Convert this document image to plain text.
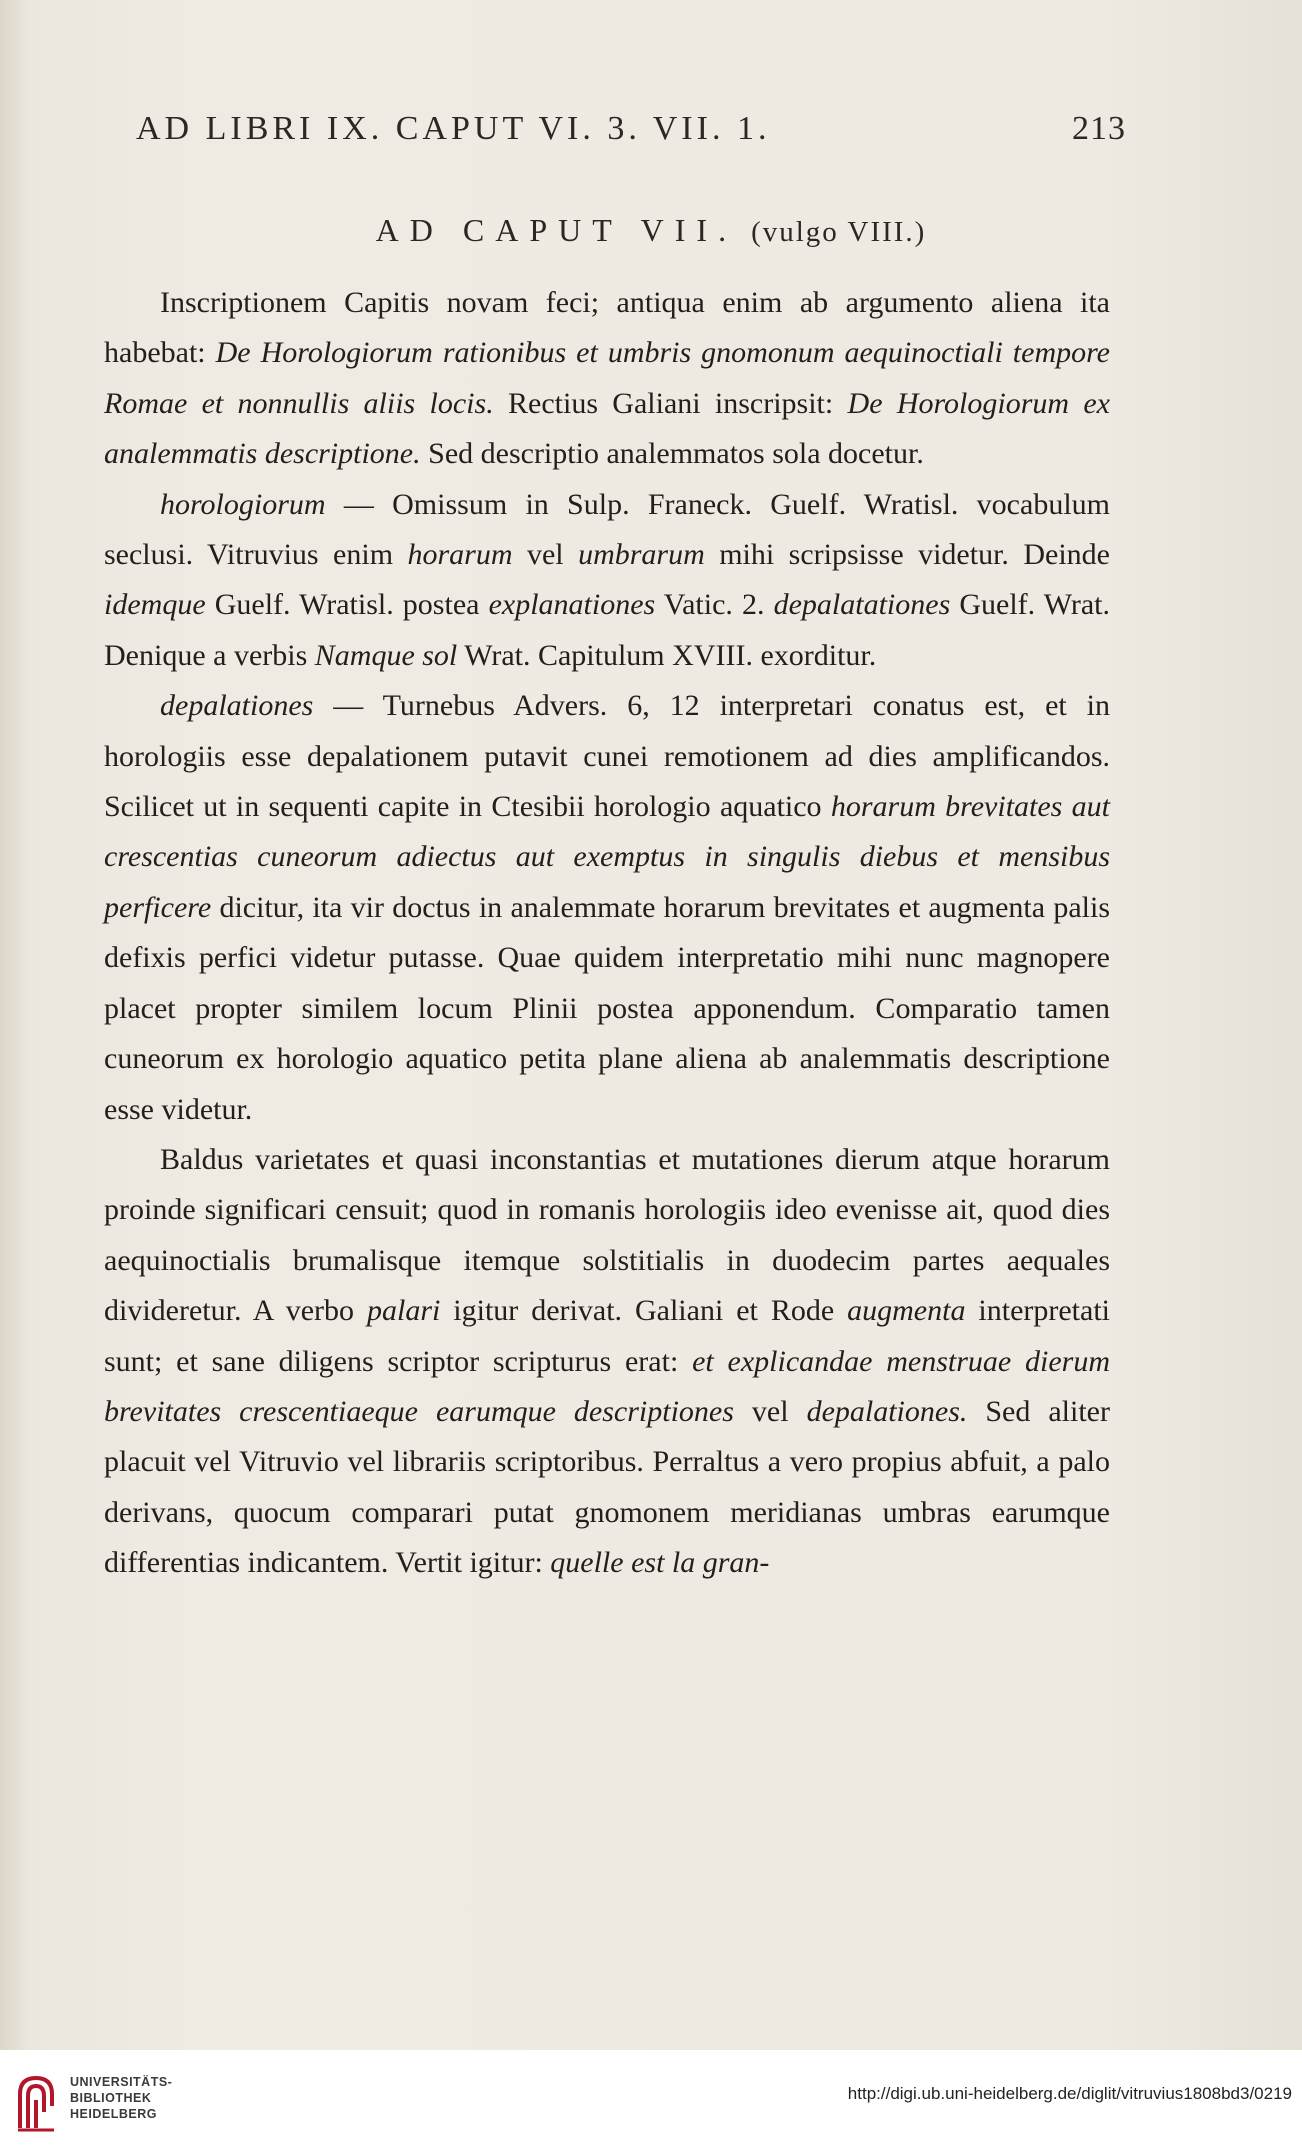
AD LIBRI IX. CAPUT VI. 3. VII. 1.	213
AD CAPUT VII. (vulgo VIII.)

Inscriptionem Capitis novam feci; antiqua enim ab argumento aliena ita habebat: De Horologiorum rationibus et umbris gnomonum aequinoctiali tempore Romae et nonnullis aliis locis. Rectius Galiani inscripsit: De Horologiorum ex analemmatis descriptione. Sed descriptio analemmatos sola docetur.

horologiorum — Omissum in Sulp. Franeck. Guelf. Wratisl. vocabulum seclusi. Vitruvius enim horarum vel umbrarum mihi scripsisse videtur. Deinde idemque Guelf. Wratisl. postea explanationes Vatic. 2. depalatationes Guelf. Wrat. Denique a verbis Namque sol Wrat. Capitulum XVIII. exorditur.

depalationes — Turnebus Advers. 6, 12 interpretari conatus est, et in horologiis esse depalationem putavit cunei remotionem ad dies amplificandos. Scilicet ut in sequenti capite in Ctesibii horologio aquatico horarum brevitates aut crescentias cuneorum adiectus aut exemptus in singulis diebus et mensibus perficere dicitur, ita vir doctus in analemmate horarum brevitates et augmenta palis defixis perfici videtur putasse. Quae quidem interpretatio mihi nunc magnopere placet propter similem locum Plinii postea apponendum. Comparatio tamen cuneorum ex horologio aquatico petita plane aliena ab analemmatis descriptione esse videtur.

Baldus varietates et quasi inconstantias et mutationes dierum atque horarum proinde significari censuit; quod in romanis horologiis ideo evenisse ait, quod dies aequinoctialis brumalisque itemque solstitialis in duodecim partes aequales divideretur. A verbo palari igitur derivat. Galiani et Rode augmenta interpretati sunt; et sane diligens scriptor scripturus erat: et explicandae menstruae dierum brevitates crescentiaeque earumque descriptiones vel depalationes. Sed aliter placuit vel Vitruvio vel librariis scriptoribus. Perraltus a vero propius abfuit, a palo derivans, quocum comparari putat gnomonem meridianas umbras earumque differentias indicantem. Vertit igitur: quelle est la gran-

UNIVERSITÄTS-
BIBLIOTHEK
HEIDELBERG
http://digi.ub.uni-heidelberg.de/diglit/vitruvius1808bd3/0219
